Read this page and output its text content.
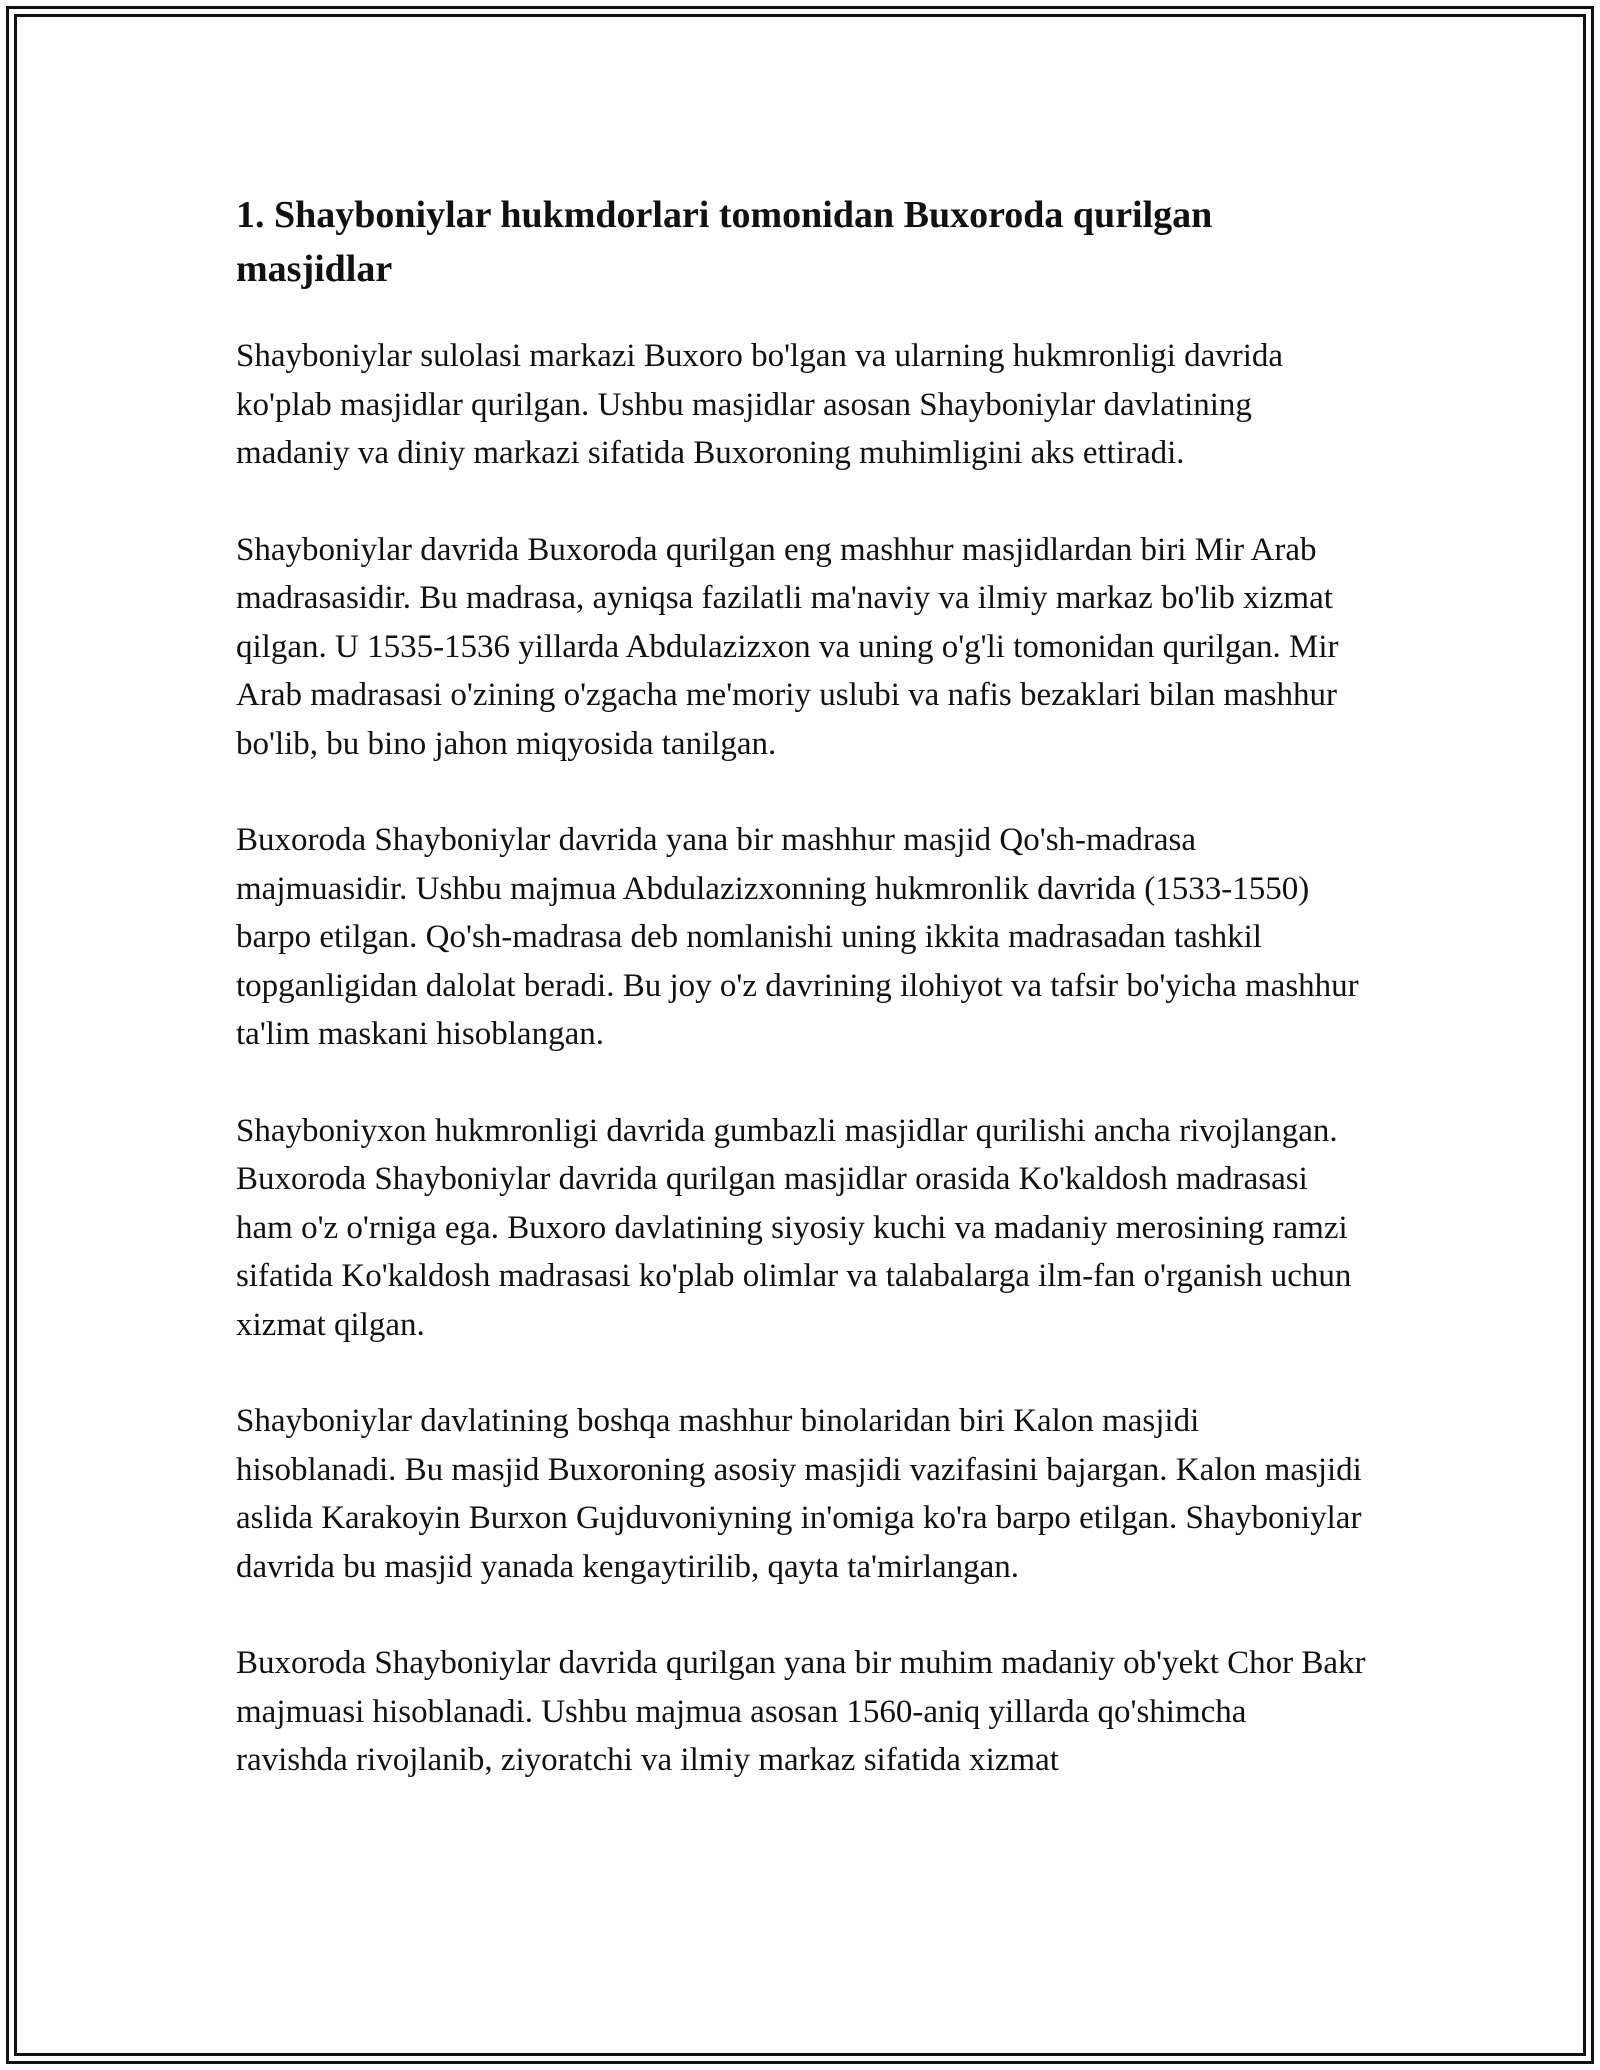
1. Shayboniylar hukmdorlari tomonidan Buxoroda qurilgan masjidlar

Shayboniylar sulolasi markazi Buxoro bo'lgan va ularning hukmronligi davrida ko'plab masjidlar qurilgan. Ushbu masjidlar asosan Shayboniylar davlatining madaniy va diniy markazi sifatida Buxoroning muhimligini aks ettiradi.

Shayboniylar davrida Buxoroda qurilgan eng mashhur masjidlardan biri Mir Arab madrasasidir. Bu madrasa, ayniqsa fazilatli ma'naviy va ilmiy markaz bo'lib xizmat qilgan. U 1535-1536 yillarda Abdulazizxon va uning o'g'li tomonidan qurilgan. Mir Arab madrasasi o'zining o'zgacha me'moriy uslubi va nafis bezaklari bilan mashhur bo'lib, bu bino jahon miqyosida tanilgan.

Buxoroda Shayboniylar davrida yana bir mashhur masjid Qo'sh-madrasa majmuasidir. Ushbu majmua Abdulazizxonning hukmronlik davrida (1533-1550) barpo etilgan. Qo'sh-madrasa deb nomlanishi uning ikkita madrasadan tashkil topganligidan dalolat beradi. Bu joy o'z davrining ilohiyot va tafsir bo'yicha mashhur ta'lim maskani hisoblangan.

Shayboniyxon hukmronligi davrida gumbazli masjidlar qurilishi ancha rivojlangan. Buxoroda Shayboniylar davrida qurilgan masjidlar orasida Ko'kaldosh madrasasi ham o'z o'rniga ega. Buxoro davlatining siyosiy kuchi va madaniy merosining ramzi sifatida Ko'kaldosh madrasasi ko'plab olimlar va talabalarga ilm-fan o'rganish uchun xizmat qilgan.

Shayboniylar davlatining boshqa mashhur binolaridan biri Kalon masjidi hisoblanadi. Bu masjid Buxoroning asosiy masjidi vazifasini bajargan. Kalon masjidi aslida Karakoyin Burxon Gujduvoniyning in'omiga ko'ra barpo etilgan. Shayboniylar davrida bu masjid yanada kengaytirilib, qayta ta'mirlangan.

Buxoroda Shayboniylar davrida qurilgan yana bir muhim madaniy ob'yekt Chor Bakr majmuasi hisoblanadi. Ushbu majmua asosan 1560-aniq yillarda qo'shimcha ravishda rivojlanib, ziyoratchi va ilmiy markaz sifatida xizmat
